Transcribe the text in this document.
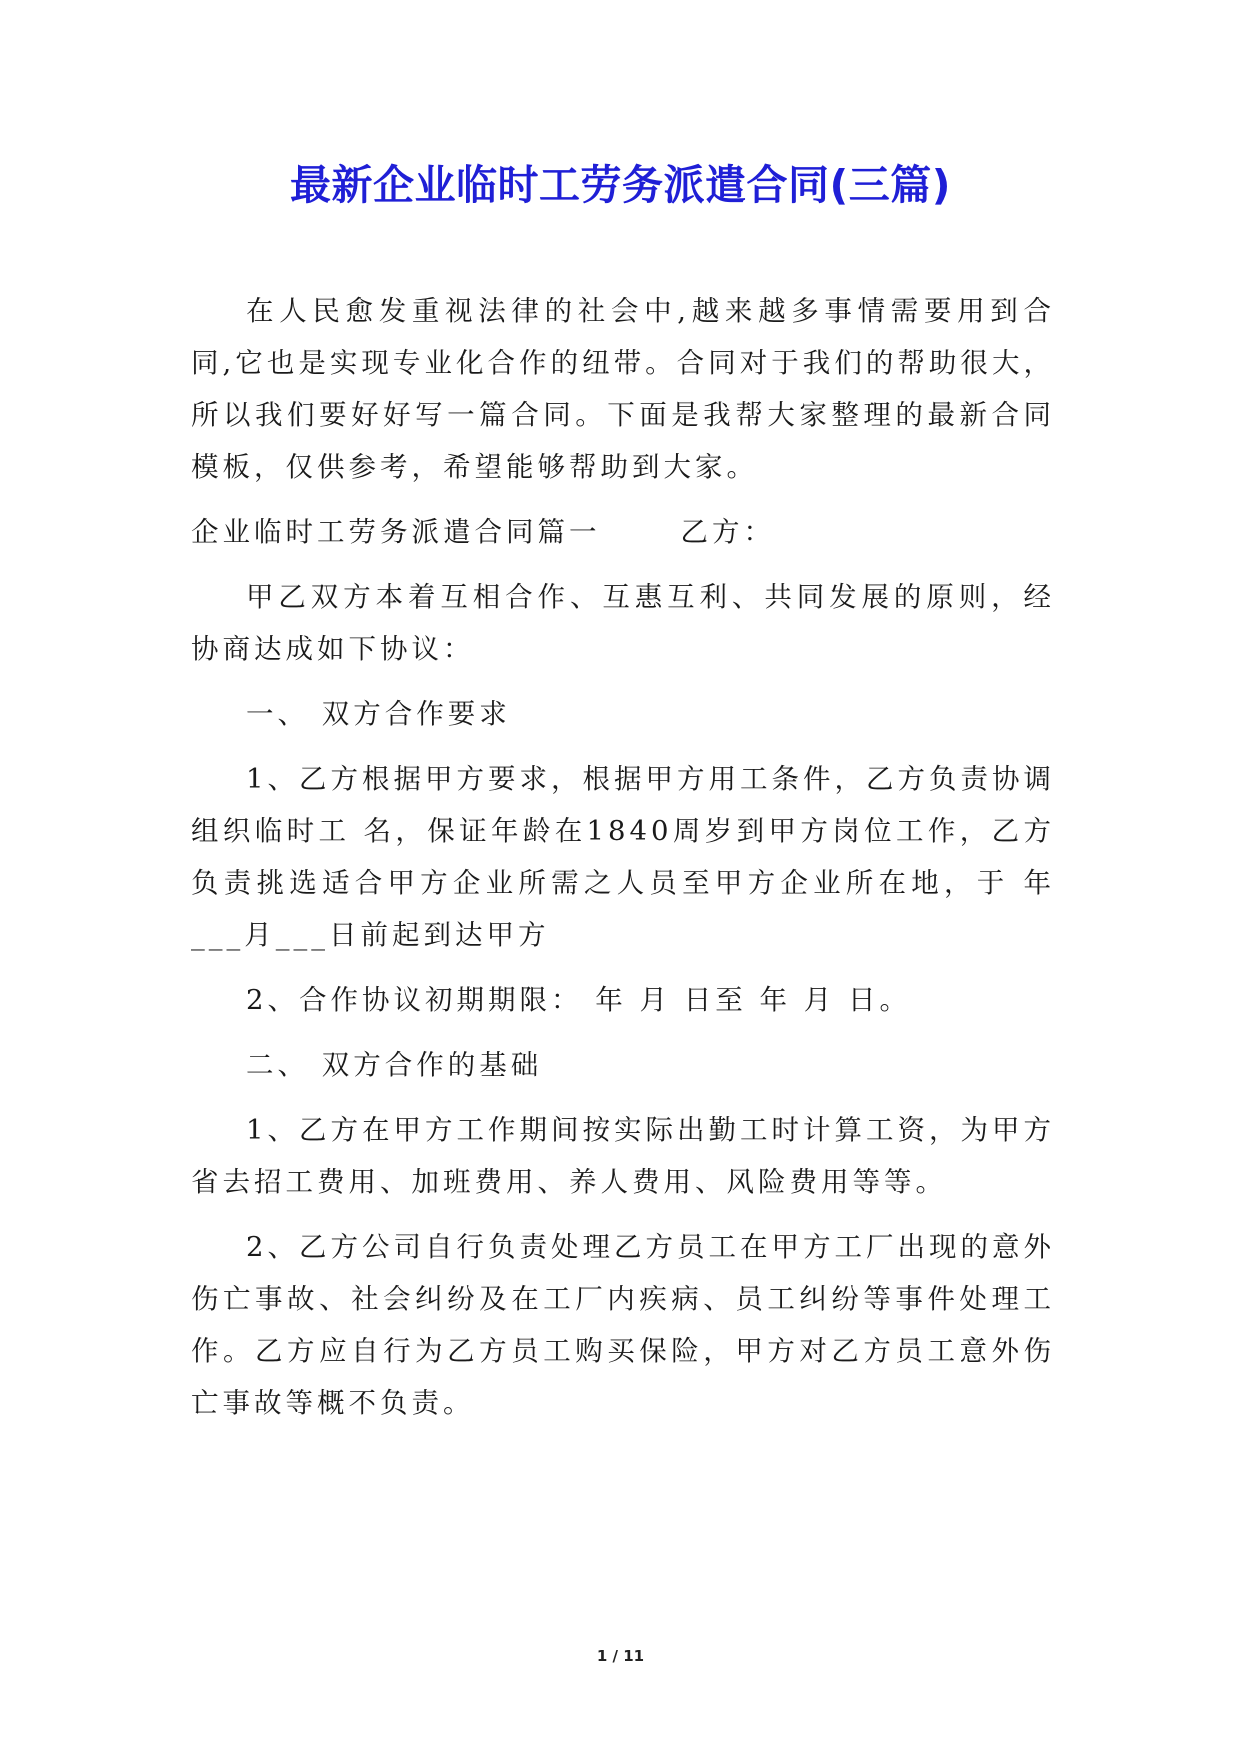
最新企业临时工劳务派遣合同(三篇)

在人民愈发重视法律的社会中,越来越多事情需要用到合同,它也是实现专业化合作的纽带。合同对于我们的帮助很大，所以我们要好好写一篇合同。下面是我帮大家整理的最新合同模板，仅供参考，希望能够帮助到大家。

企业临时工劳务派遣合同篇一	乙方：

甲乙双方本着互相合作、互惠互利、共同发展的原则，经协商达成如下协议：

一、 双方合作要求

1、乙方根据甲方要求，根据甲方用工条件，乙方负责协调组织临时工 名，保证年龄在1840周岁到甲方岗位工作，乙方负责挑选适合甲方企业所需之人员至甲方企业所在地，于 年___月___日前起到达甲方

2、合作协议初期期限： 年 月 日至 年 月 日。

二、 双方合作的基础

1、乙方在甲方工作期间按实际出勤工时计算工资，为甲方省去招工费用、加班费用、养人费用、风险费用等等。

2、乙方公司自行负责处理乙方员工在甲方工厂出现的意外伤亡事故、社会纠纷及在工厂内疾病、员工纠纷等事件处理工作。乙方应自行为乙方员工购买保险，甲方对乙方员工意外伤亡事故等概不负责。

1 / 11
